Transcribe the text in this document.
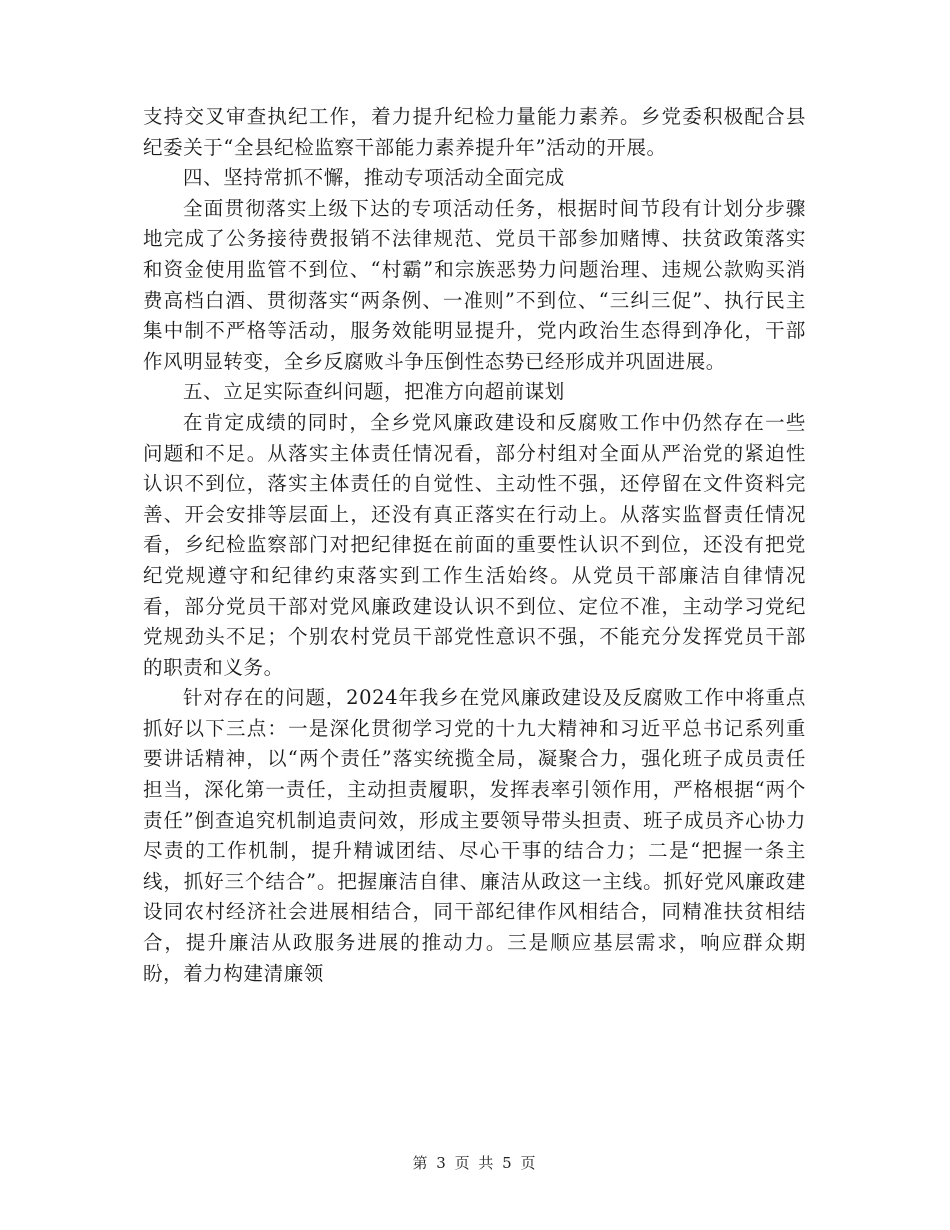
支持交叉审查执纪工作，着力提升纪检力量能力素养。乡党委积极配合县纪委关于“全县纪检监察干部能力素养提升年”活动的开展。

四、坚持常抓不懈，推动专项活动全面完成

全面贯彻落实上级下达的专项活动任务，根据时间节段有计划分步骤地完成了公务接待费报销不法律规范、党员干部参加赌博、扶贫政策落实和资金使用监管不到位、“村霸”和宗族恶势力问题治理、违规公款购买消费高档白酒、贯彻落实“两条例、一准则”不到位、“三纠三促”、执行民主集中制不严格等活动，服务效能明显提升，党内政治生态得到净化，干部作风明显转变，全乡反腐败斗争压倒性态势已经形成并巩固进展。

五、立足实际查纠问题，把准方向超前谋划

在肯定成绩的同时，全乡党风廉政建设和反腐败工作中仍然存在一些问题和不足。从落实主体责任情况看，部分村组对全面从严治党的紧迫性认识不到位，落实主体责任的自觉性、主动性不强，还停留在文件资料完善、开会安排等层面上，还没有真正落实在行动上。从落实监督责任情况看，乡纪检监察部门对把纪律挺在前面的重要性认识不到位，还没有把党纪党规遵守和纪律约束落实到工作生活始终。从党员干部廉洁自律情况看，部分党员干部对党风廉政建设认识不到位、定位不准，主动学习党纪党规劲头不足；个别农村党员干部党性意识不强，不能充分发挥党员干部的职责和义务。

针对存在的问题，2024年我乡在党风廉政建设及反腐败工作中将重点抓好以下三点：一是深化贯彻学习党的十九大精神和习近平总书记系列重要讲话精神，以“两个责任”落实统揽全局，凝聚合力，强化班子成员责任担当，深化第一责任，主动担责履职，发挥表率引领作用，严格根据“两个责任”倒查追究机制追责问效，形成主要领导带头担责、班子成员齐心协力尽责的工作机制，提升精诚团结、尽心干事的结合力；二是“把握一条主线，抓好三个结合”。把握廉洁自律、廉洁从政这一主线。抓好党风廉政建设同农村经济社会进展相结合，同干部纪律作风相结合，同精准扶贫相结合，提升廉洁从政服务进展的推动力。三是顺应基层需求，响应群众期盼，着力构建清廉领

第 3 页 共 5 页
